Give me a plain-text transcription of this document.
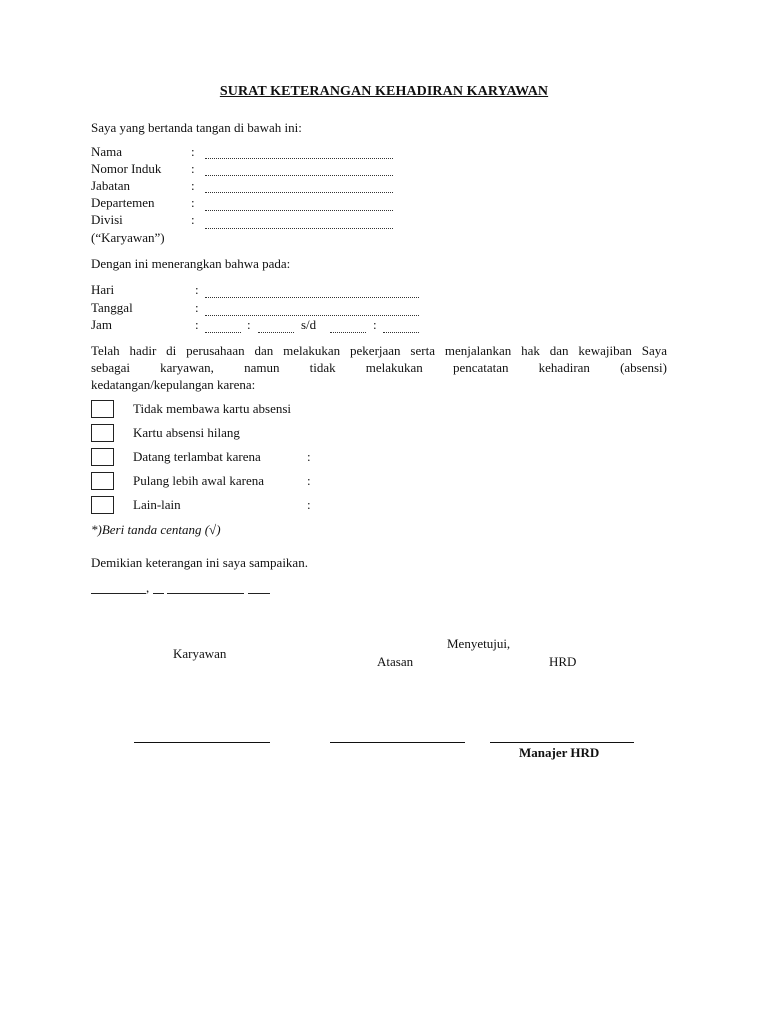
SURAT KETERANGAN KEHADIRAN KARYAWAN
Saya yang bertanda tangan di bawah ini:
Nama	:
Nomor Induk :
Jabatan	:
Departemen	:
Divisi	:
(“Karyawan”)
Dengan ini menerangkan bahwa pada:
Hari	:
Tanggal	:
Jam	:	:	s/d	:
Telah hadir di perusahaan dan melakukan pekerjaan serta menjalankan hak dan kewajiban Saya
sebagai karyawan, namun tidak melakukan pencatatan kehadiran (absensi)
kedatangan/kepulangan karena:
Tidak membawa kartu absensi
Kartu absensi hilang
Datang terlambat karena	:
Pulang lebih awal karena	:
Lain-lain	:
*)Beri tanda centang (√)
Demikian keterangan ini saya sampaikan.
,
Menyetujui,
Karyawan
Atasan	HRD
Manajer HRD
